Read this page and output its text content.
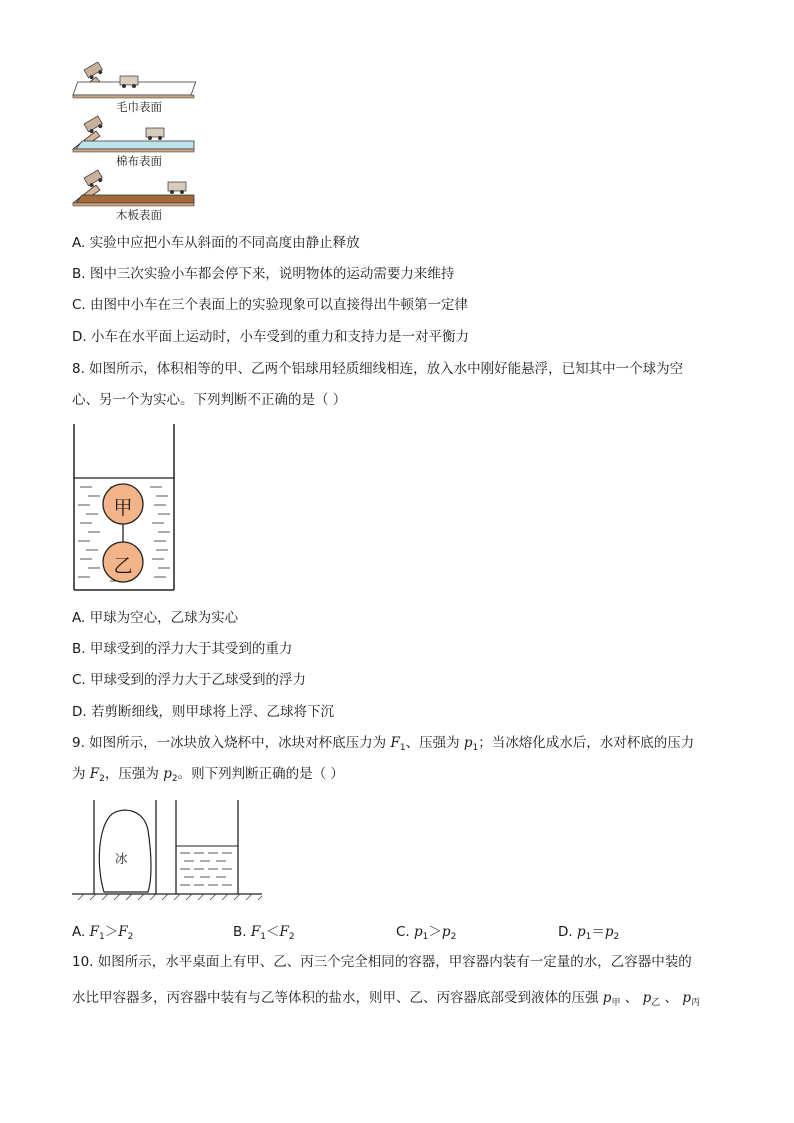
毛巾表面
棉布表面
木板表面
A. 实验中应把小车从斜面的不同高度由静止释放
B. 图中三次实验小车都会停下来，说明物体的运动需要力来维持
C. 由图中小车在三个表面上的实验现象可以直接得出牛顿第一定律
D. 小车在水平面上运动时，小车受到的重力和支持力是一对平衡力
8. 如图所示，体积相等的甲、乙两个铝球用轻质细线相连，放入水中刚好能悬浮，已知其中一个球为空
心、另一个为实心。下列判断不正确的是（ ）
甲
乙
A. 甲球为空心，乙球为实心
B. 甲球受到的浮力大于其受到的重力
C. 甲球受到的浮力大于乙球受到的浮力
D. 若剪断细线，则甲球将上浮、乙球将下沉
9. 如图所示，一冰块放入烧杯中，冰块对杯底压力为 $F_1$、压强为 $p_1$；当冰熔化成水后，水对杯底的压力
为 $F_2$，压强为 $p_2$。则下列判断正确的是（ ）
冰
A. $F_1>F_2$	B. $F_1<F_2$	C. $p_1>p_2$	D. $p_1=p_2$
10. 如图所示，水平桌面上有甲、乙、丙三个完全相同的容器，甲容器内装有一定量的水，乙容器中装的
水比甲容器多，丙容器中装有与乙等体积的盐水，则甲、乙、丙容器底部受到液体的压强 $p_甲$ 、 $p_乙$ 、 $p_丙$
